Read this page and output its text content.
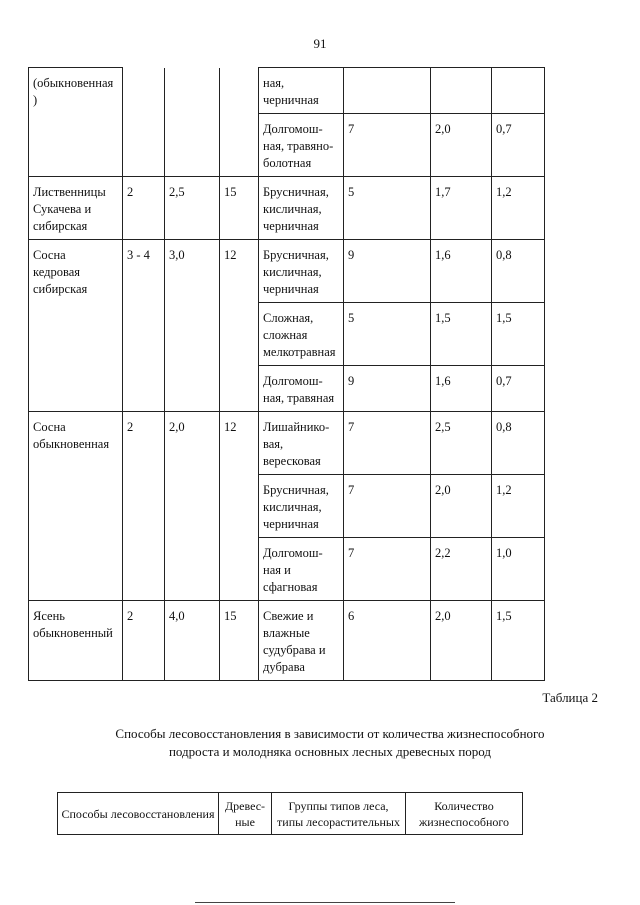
91
(обыкновенная
)				ная,
черничная			
				Долгомош-
ная, травяно-
болотная	7	2,0	0,7
Лиственницы
Сукачева и
сибирская	2	2,5	15	Брусничная,
кисличная,
черничная	5	1,7	1,2
Сосна
кедровая
сибирская	3 - 4	3,0	12	Брусничная,
кисличная,
черничная	9	1,6	0,8
				Сложная,
сложная
мелкотравная	5	1,5	1,5
				Долгомош-
ная, травяная	9	1,6	0,7
Сосна
обыкновенная	2	2,0	12	Лишайнико-
вая,
вересковая	7	2,5	0,8
				Брусничная,
кисличная,
черничная	7	2,0	1,2
				Долгомош-
ная и
сфагновая	7	2,2	1,0
Ясень
обыкновенный	2	4,0	15	Свежие и
влажные
судубрава и
дубрава	6	2,0	1,5
Таблица 2
Способы лесовосстановления в зависимости от количества жизнеспособного подроста и молодняка основных лесных древесных пород
Способы лесовосстановления	Древес-ные	Группы типов леса, типы лесорастительных	Количество жизнеспособного
